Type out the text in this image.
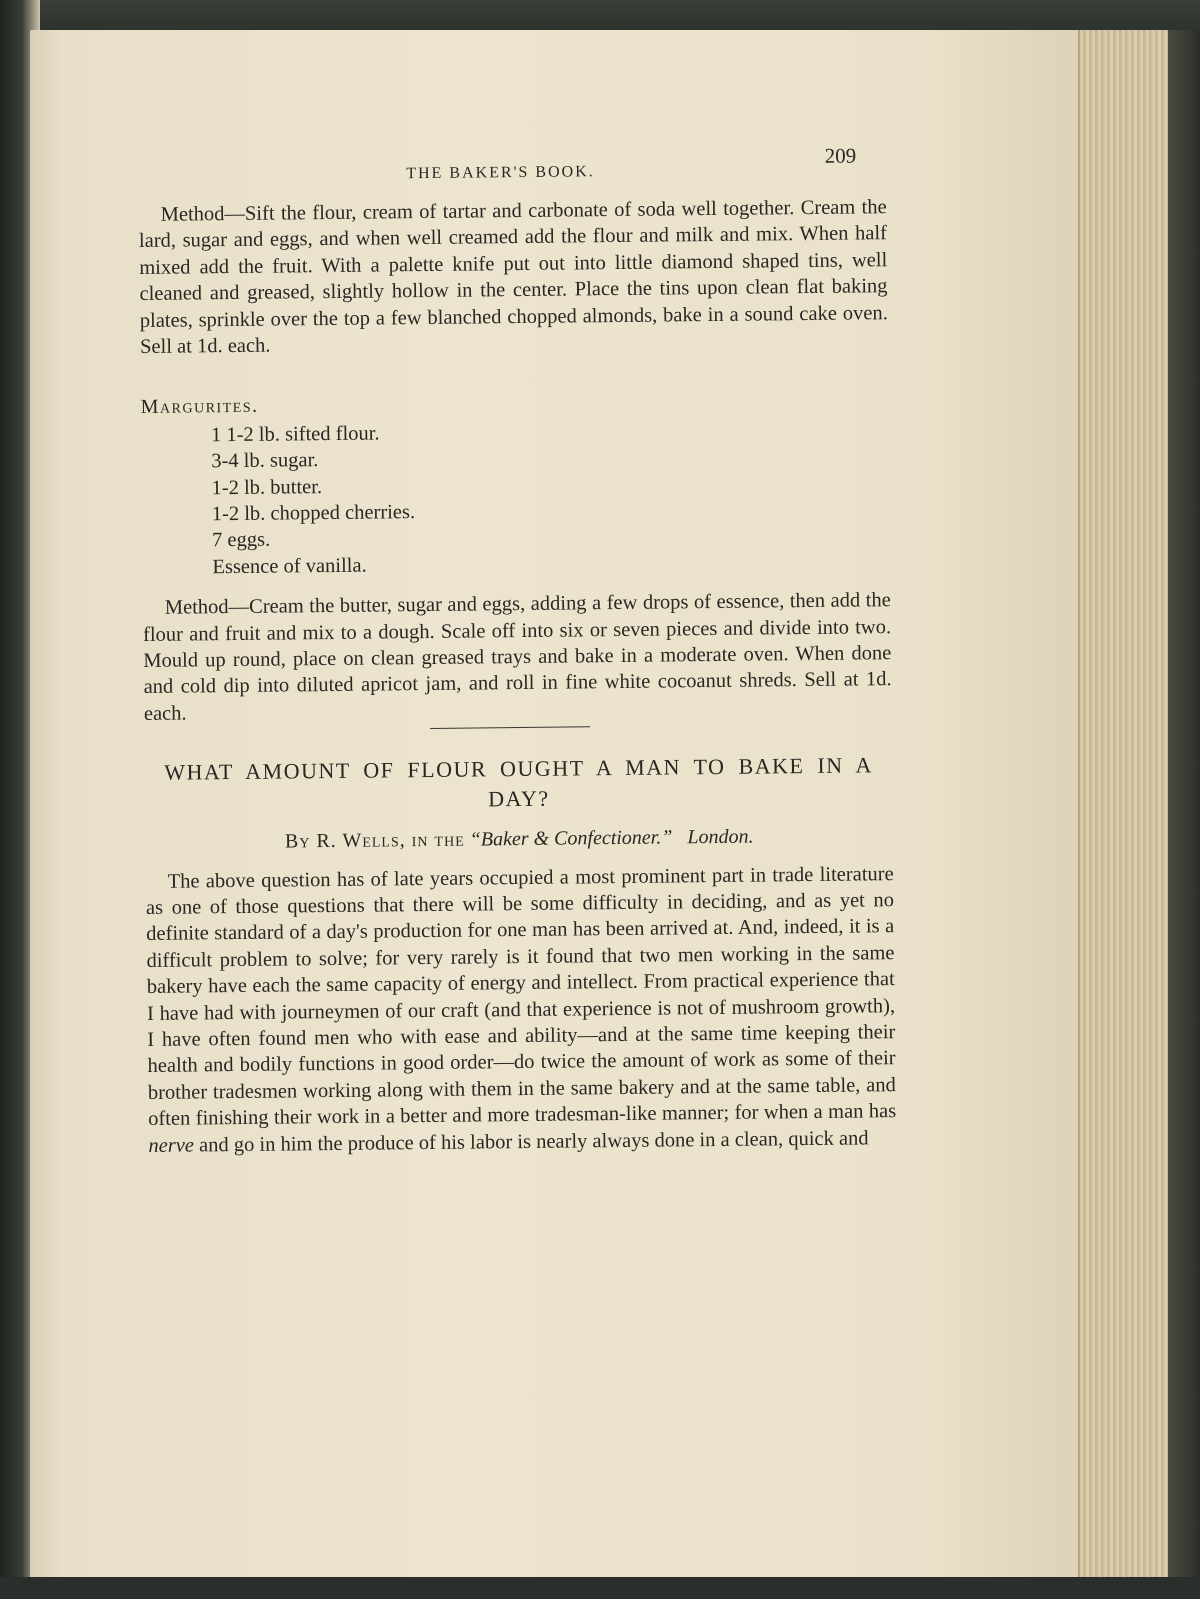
THE BAKER'S BOOK.
209

Method—Sift the flour, cream of tartar and carbonate of soda well together. Cream the lard, sugar and eggs, and when well creamed add the flour and milk and mix. When half mixed add the fruit. With a palette knife put out into little diamond shaped tins, well cleaned and greased, slightly hollow in the center. Place the tins upon clean flat baking plates, sprinkle over the top a few blanched chopped almonds, bake in a sound cake oven. Sell at 1d. each.

Margurites.
1 1-2 lb. sifted flour.
3-4 lb. sugar.
1-2 lb. butter.
1-2 lb. chopped cherries.
7 eggs.
Essence of vanilla.

Method—Cream the butter, sugar and eggs, adding a few drops of essence, then add the flour and fruit and mix to a dough. Scale off into six or seven pieces and divide into two. Mould up round, place on clean greased trays and bake in a moderate oven. When done and cold dip into diluted apricot jam, and roll in fine white cocoanut shreds. Sell at 1d. each.

WHAT AMOUNT OF FLOUR OUGHT A MAN TO BAKE IN A DAY?
By R. Wells, in the “Baker & Confectioner.” London.

The above question has of late years occupied a most prominent part in trade literature as one of those questions that there will be some difficulty in deciding, and as yet no definite standard of a day's production for one man has been arrived at. And, indeed, it is a difficult problem to solve; for very rarely is it found that two men working in the same bakery have each the same capacity of energy and intellect. From practical experience that I have had with journeymen of our craft (and that experience is not of mushroom growth), I have often found men who with ease and ability—and at the same time keeping their health and bodily functions in good order—do twice the amount of work as some of their brother tradesmen working along with them in the same bakery and at the same table, and often finishing their work in a better and more tradesman-like manner; for when a man has nerve and go in him the produce of his labor is nearly always done in a clean, quick and
